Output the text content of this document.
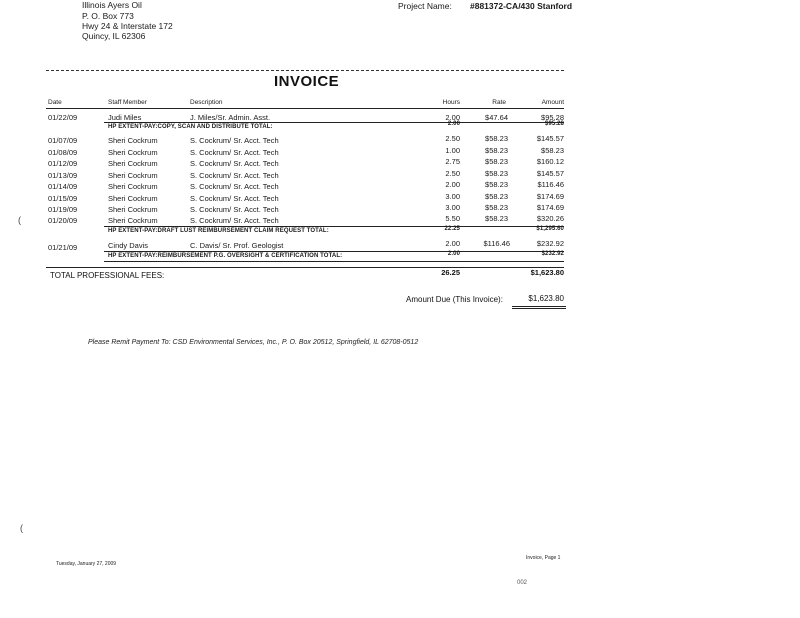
Illinois Ayers Oil
P. O. Box 773
Hwy 24 & Interstate 172
Quincy, IL 62306
Project Name: #881372-CA/430 Stanford
INVOICE
Date	Staff Member	Description	Hours	Rate	Amount
01/22/09	Judi Miles	J. Miles/Sr. Admin. Asst.	2.00	$47.64	$95.28
HP EXTENT-PAY:COPY, SCAN AND DISTRIBUTE TOTAL:	2.00	$95.28
01/07/09	Sheri Cockrum	S. Cockrum/ Sr. Acct. Tech	2.50	$58.23	$145.57
01/08/09	Sheri Cockrum	S. Cockrum/ Sr. Acct. Tech	1.00	$58.23	$58.23
01/12/09	Sheri Cockrum	S. Cockrum/ Sr. Acct. Tech	2.75	$58.23	$160.12
01/13/09	Sheri Cockrum	S. Cockrum/ Sr. Acct. Tech	2.50	$58.23	$145.57
01/14/09	Sheri Cockrum	S. Cockrum/ Sr. Acct. Tech	2.00	$58.23	$116.46
01/15/09	Sheri Cockrum	S. Cockrum/ Sr. Acct. Tech	3.00	$58.23	$174.69
01/19/09	Sheri Cockrum	S. Cockrum/ Sr. Acct. Tech	3.00	$58.23	$174.69
01/20/09	Sheri Cockrum	S. Cockrum/ Sr. Acct. Tech	5.50	$58.23	$320.26
HP EXTENT-PAY:DRAFT LUST REIMBURSEMENT CLAIM REQUEST TOTAL:	22.25	$1,295.60
01/21/09	Cindy Davis	C. Davis/ Sr. Prof. Geologist	2.00	$116.46	$232.92
HP EXTENT-PAY:REIMBURSEMENT P.G. OVERSIGHT & CERTIFICATION TOTAL:	2.00	$232.92
TOTAL PROFESSIONAL FEES:	26.25	$1,623.80
Amount Due (This Invoice):	$1,623.80
Please Remit Payment To: CSD Environmental Services, Inc., P. O. Box 20512, Springfield, IL 62708-0512
(
(
Tuesday, January 27, 2009
Invoice, Page 1
002
